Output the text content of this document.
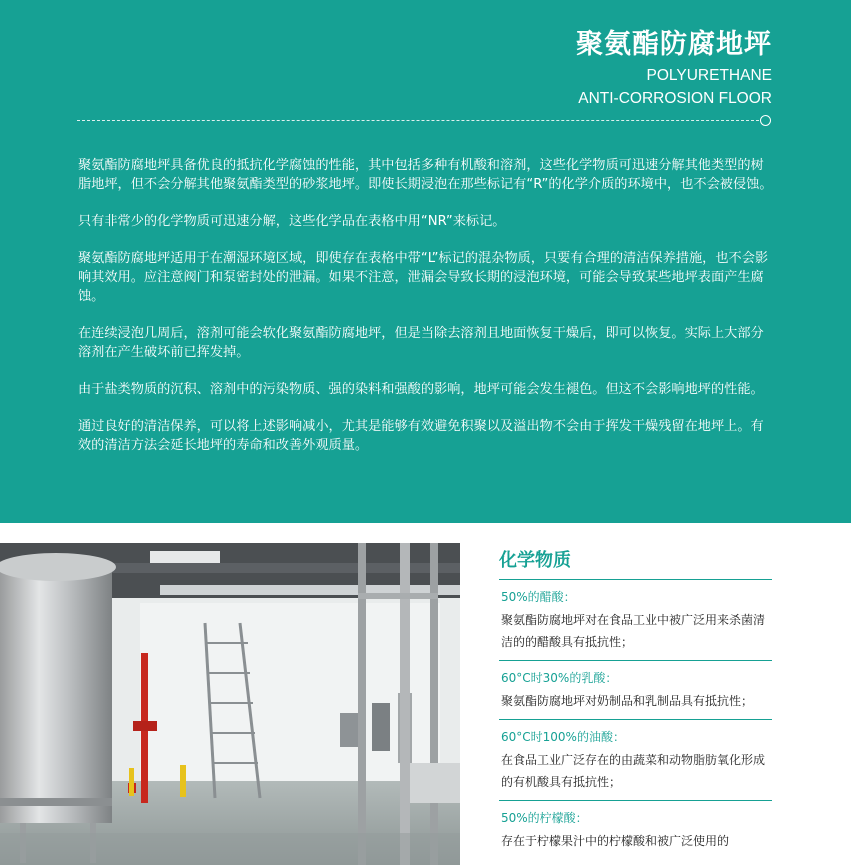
聚氨酯防腐地坪
POLYURETHANE
ANTI-CORROSION FLOOR

聚氨酯防腐地坪具备优良的抵抗化学腐蚀的性能，其中包括多种有机酸和溶剂，这些化学物质可迅速分解其他类型的树脂地坪，但不会分解其他聚氨酯类型的砂浆地坪。即使长期浸泡在那些标记有“R”的化学介质的环境中，也不会被侵蚀。

只有非常少的化学物质可迅速分解，这些化学品在表格中用“NR”来标记。

聚氨酯防腐地坪适用于在潮湿环境区域，即使存在表格中带“L”标记的混杂物质，只要有合理的清洁保养措施，也不会影响其效用。应注意阀门和泵密封处的泄漏。如果不注意，泄漏会导致长期的浸泡环境，可能会导致某些地坪表面产生腐蚀。

在连续浸泡几周后，溶剂可能会软化聚氨酯防腐地坪，但是当除去溶剂且地面恢复干燥后，即可以恢复。实际上大部分溶剂在产生破坏前已挥发掉。

由于盐类物质的沉积、溶剂中的污染物质、强的染料和强酸的影响，地坪可能会发生褪色。但这不会影响地坪的性能。

通过良好的清洁保养，可以将上述影响减小，尤其是能够有效避免积聚以及溢出物不会由于挥发干燥残留在地坪上。有效的清洁方法会延长地坪的寿命和改善外观质量。

化学物质
50%的醋酸：
聚氨酯防腐地坪对在食品工业中被广泛用来杀菌清洁的的醋酸具有抵抗性；
60°C时30%的乳酸：
聚氨酯防腐地坪对奶制品和乳制品具有抵抗性；
60°C时100%的油酸：
在食品工业广泛存在的由蔬菜和动物脂肪氧化形成的有机酸具有抵抗性；
50%的柠檬酸：
存在于柠檬果汁中的柠檬酸和被广泛使用的
